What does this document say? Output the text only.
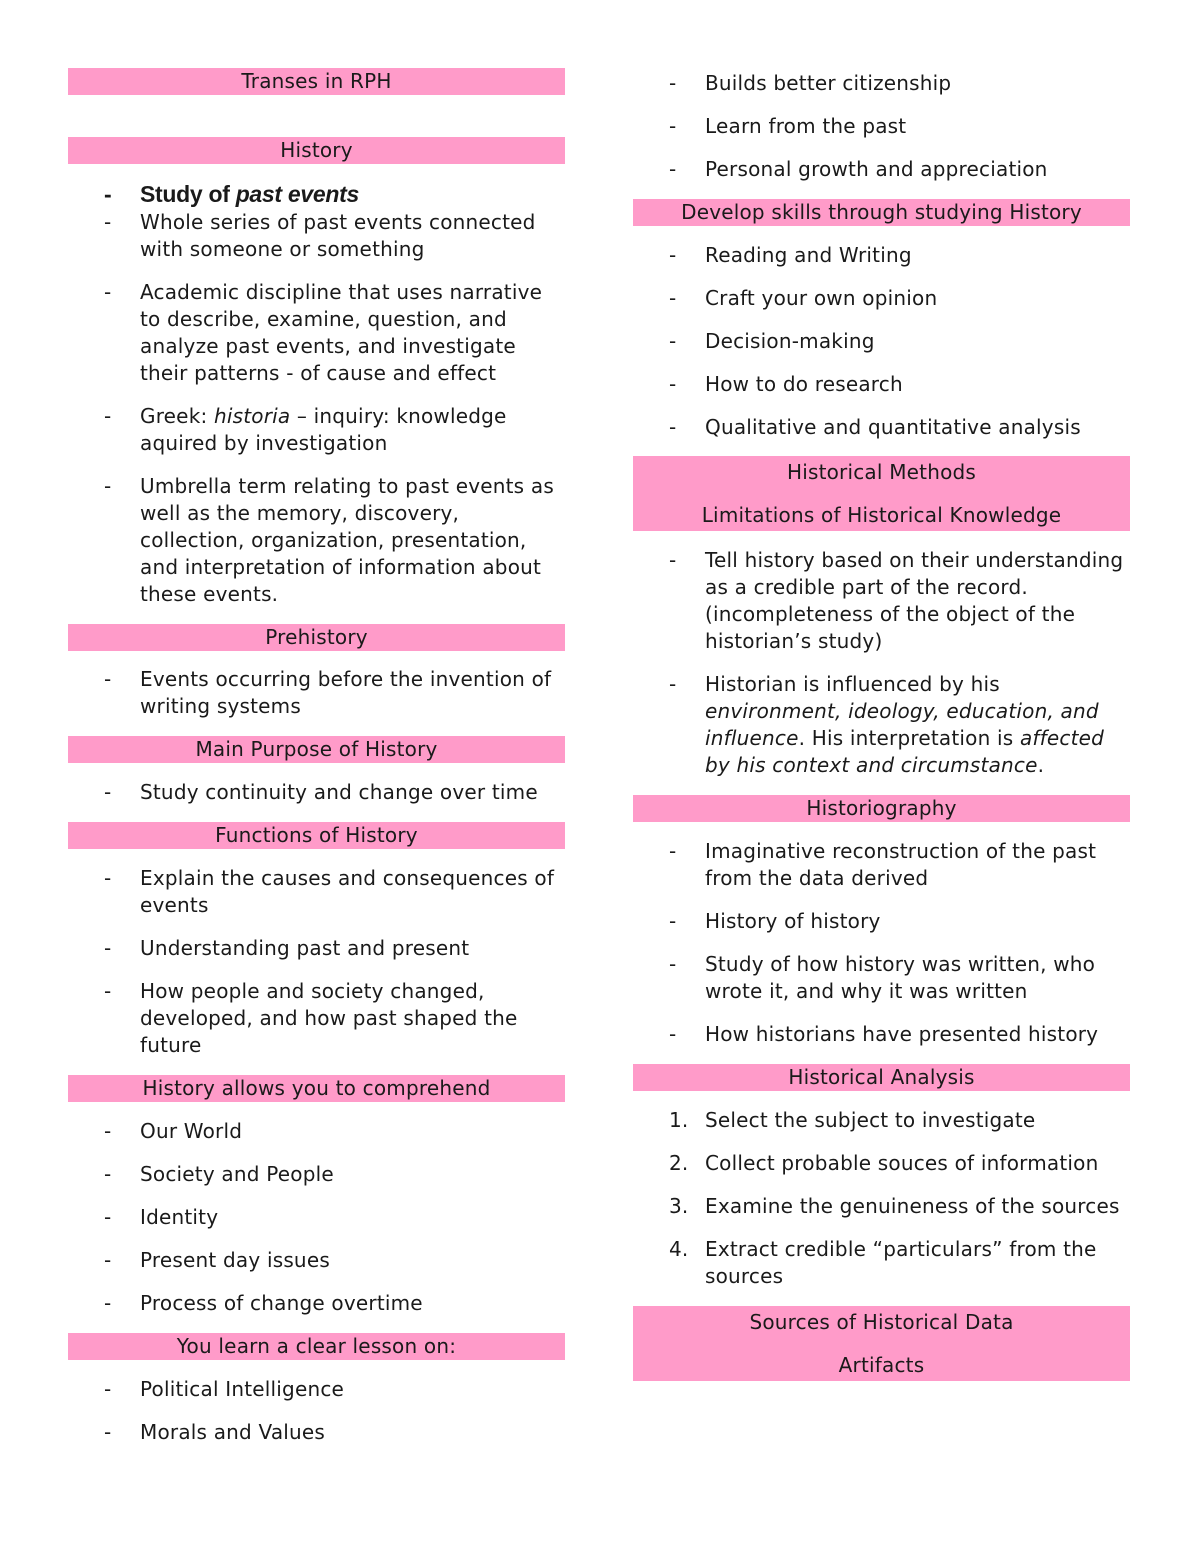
Transes in RPH
History
-	Study of past events
-	Whole series of past events connected with someone or something
-	Academic discipline that uses narrative to describe, examine, question, and analyze past events, and investigate their patterns - of cause and effect
-	Greek: historia – inquiry: knowledge aquired by investigation
-	Umbrella term relating to past events as well as the memory, discovery, collection, organization, presentation, and interpretation of information about these events.
Prehistory
-	Events occurring before the invention of writing systems
Main Purpose of History
-	Study continuity and change over time
Functions of History
-	Explain the causes and consequences of events
-	Understanding past and present
-	How people and society changed, developed, and how past shaped the future
History allows you to comprehend
-	Our World
-	Society and People
-	Identity
-	Present day issues
-	Process of change overtime
You learn a clear lesson on:
-	Political Intelligence
-	Morals and Values
-	Builds better citizenship
-	Learn from the past
-	Personal growth and appreciation
Develop skills through studying History
-	Reading and Writing
-	Craft your own opinion
-	Decision-making
-	How to do research
-	Qualitative and quantitative analysis
Historical Methods
Limitations of Historical Knowledge
-	Tell history based on their understanding as a credible part of the record. (incompleteness of the object of the historian’s study)
-	Historian is influenced by his environment, ideology, education, and influence. His interpretation is affected by his context and circumstance.
Historiography
-	Imaginative reconstruction of the past from the data derived
-	History of history
-	Study of how history was written, who wrote it, and why it was written
-	How historians have presented history
Historical Analysis
1. Select the subject to investigate
2. Collect probable souces of information
3. Examine the genuineness of the sources
4. Extract credible “particulars” from the sources
Sources of Historical Data
Artifacts
